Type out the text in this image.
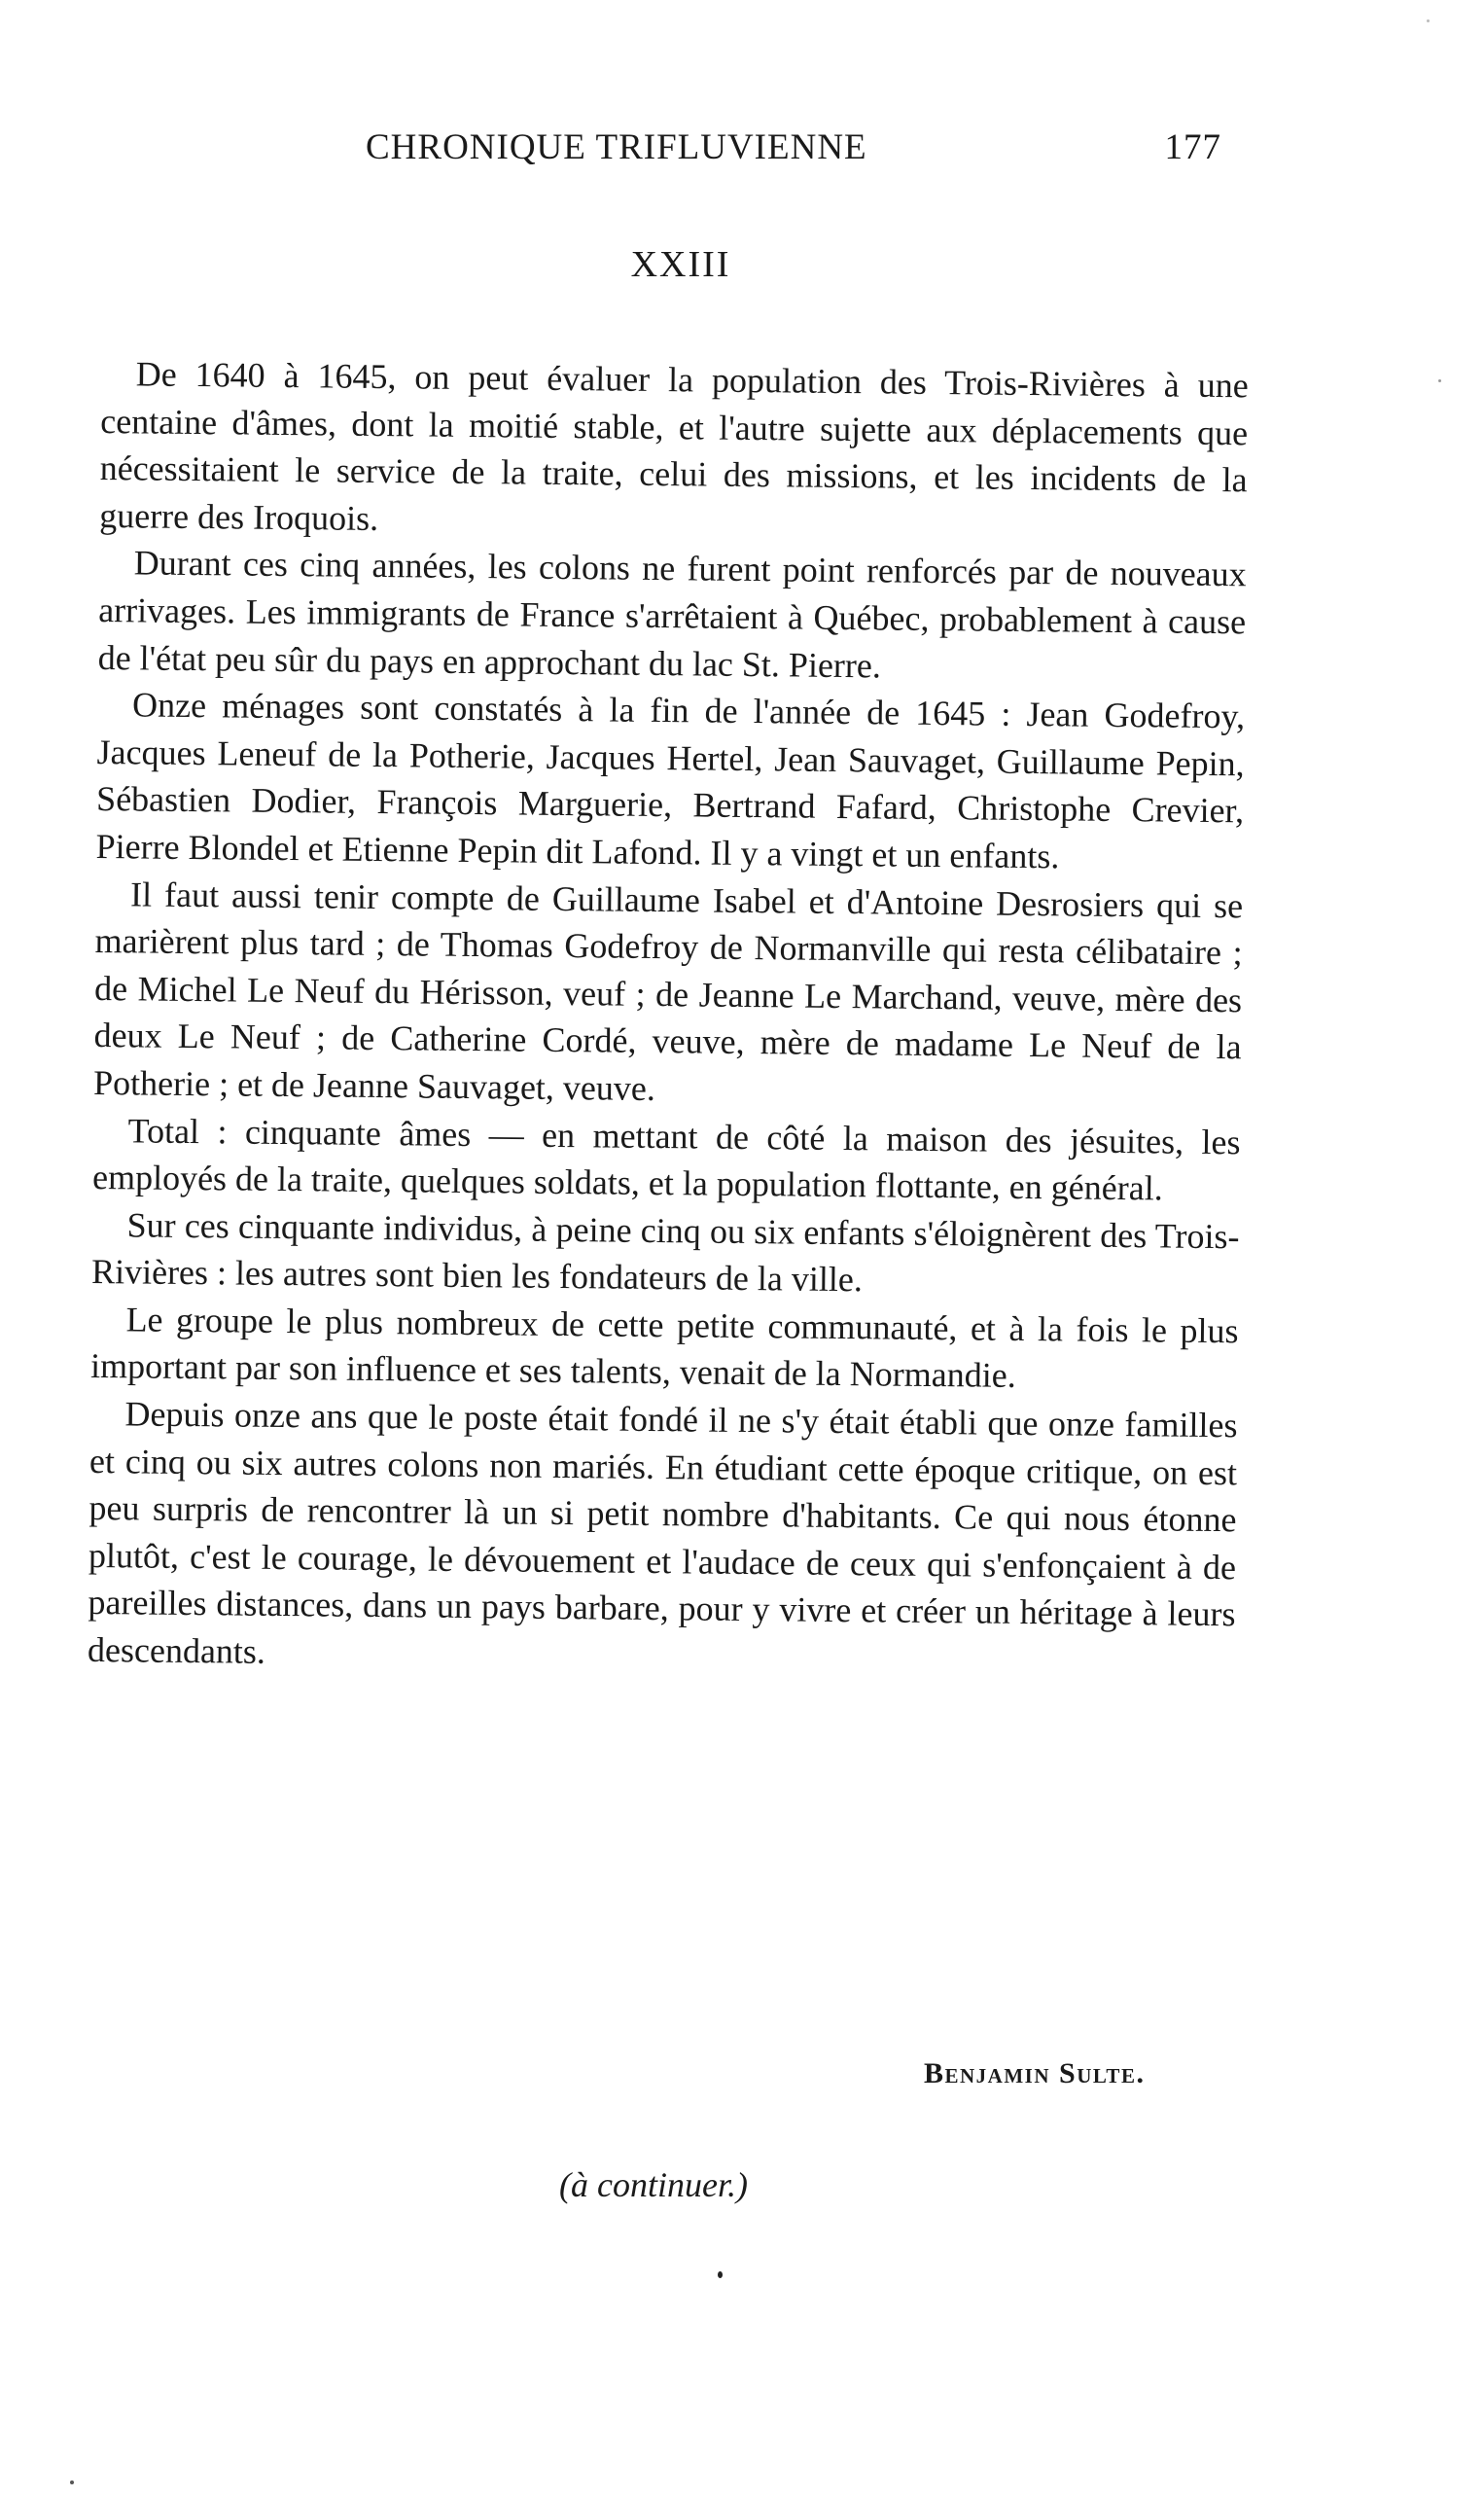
CHRONIQUE TRIFLUVIENNE	177
XXIII

De 1640 à 1645, on peut évaluer la population des Trois-Rivières à une centaine d'âmes, dont la moitié stable, et l'autre sujette aux déplacements que nécessitaient le service de la traite, celui des missions, et les incidents de la guerre des Iroquois.

Durant ces cinq années, les colons ne furent point renforcés par de nouveaux arrivages. Les immigrants de France s'arrêtaient à Québec, probablement à cause de l'état peu sûr du pays en approchant du lac St. Pierre.

Onze ménages sont constatés à la fin de l'année de 1645 : Jean Godefroy, Jacques Leneuf de la Potherie, Jacques Hertel, Jean Sauvaget, Guillaume Pepin, Sébastien Dodier, François Marguerie, Bertrand Fafard, Christophe Crevier, Pierre Blondel et Etienne Pepin dit Lafond. Il y a vingt et un enfants.

Il faut aussi tenir compte de Guillaume Isabel et d'Antoine Desrosiers qui se marièrent plus tard ; de Thomas Godefroy de Normanville qui resta célibataire ; de Michel Le Neuf du Hérisson, veuf ; de Jeanne Le Marchand, veuve, mère des deux Le Neuf ; de Catherine Cordé, veuve, mère de madame Le Neuf de la Potherie ; et de Jeanne Sauvaget, veuve.

Total : cinquante âmes — en mettant de côté la maison des jésuites, les employés de la traite, quelques soldats, et la population flottante, en général.

Sur ces cinquante individus, à peine cinq ou six enfants s'éloignèrent des Trois-Rivières : les autres sont bien les fondateurs de la ville.

Le groupe le plus nombreux de cette petite communauté, et à la fois le plus important par son influence et ses talents, venait de la Normandie.

Depuis onze ans que le poste était fondé il ne s'y était établi que onze familles et cinq ou six autres colons non mariés. En étudiant cette époque critique, on est peu surpris de rencontrer là un si petit nombre d'habitants. Ce qui nous étonne plutôt, c'est le courage, le dévouement et l'audace de ceux qui s'enfonçaient à de pareilles distances, dans un pays barbare, pour y vivre et créer un héritage à leurs descendants.

Benjamin Sulte.
(à continuer.)
